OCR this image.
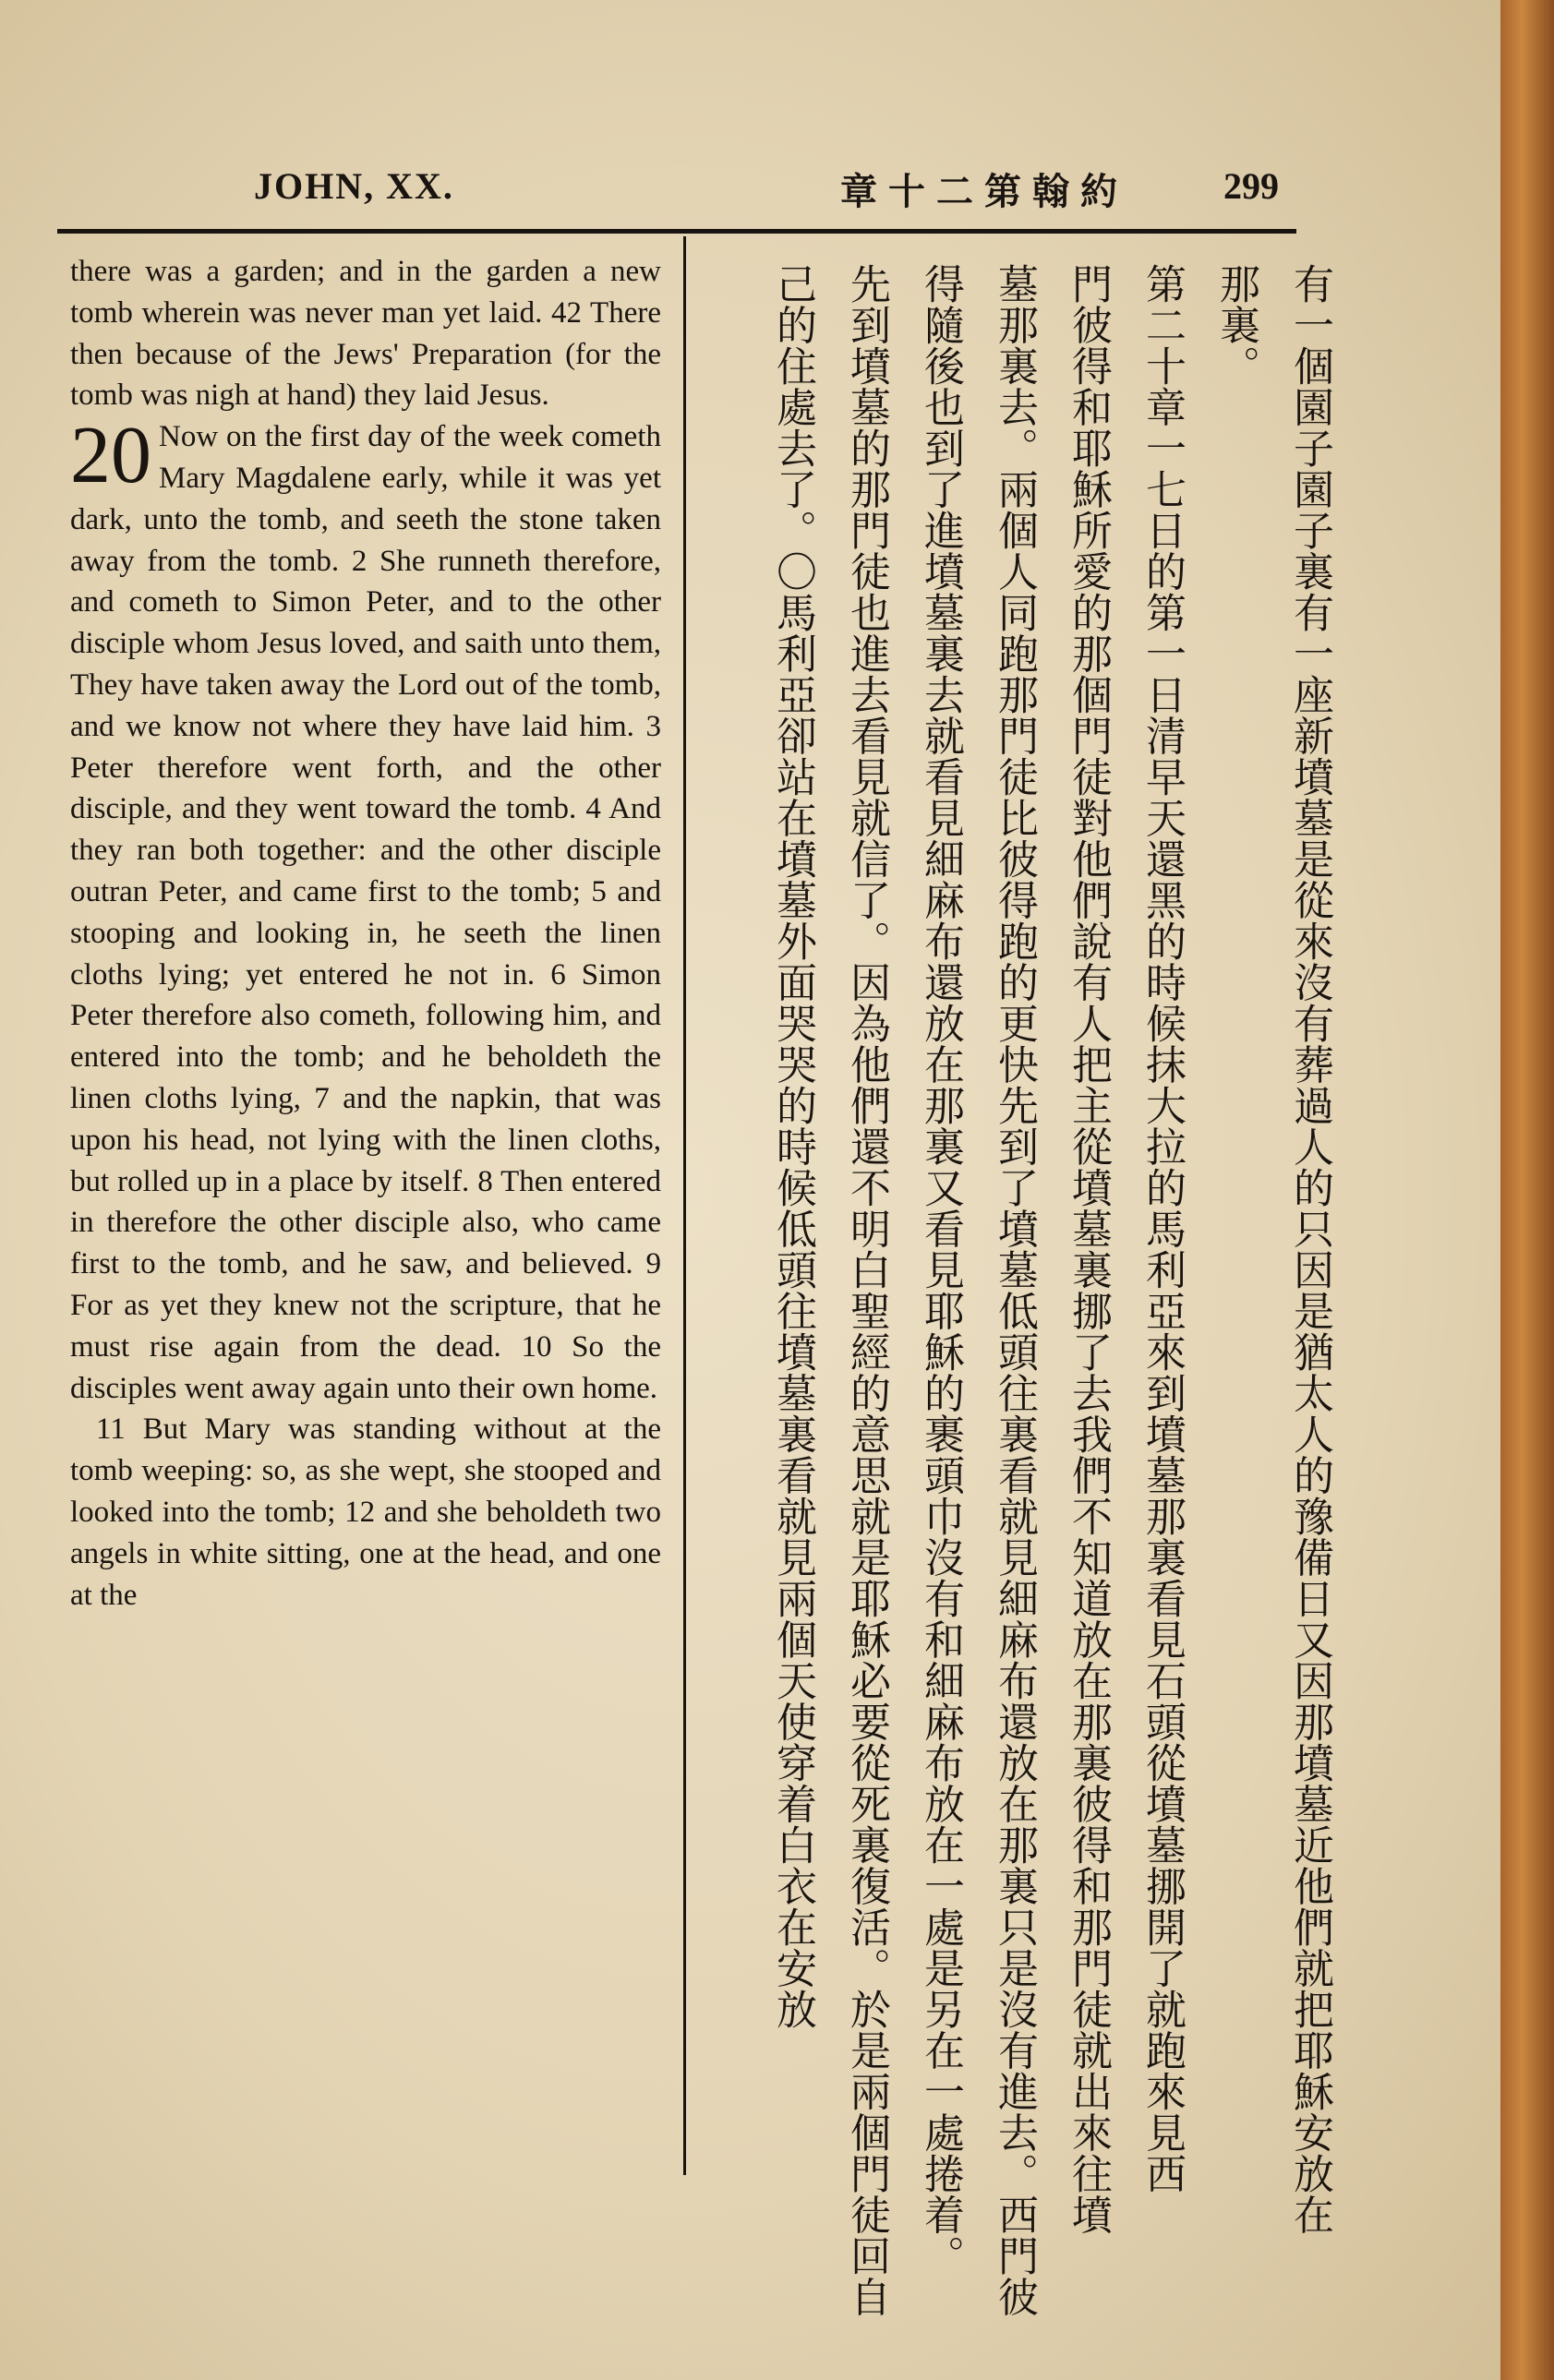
JOHN, XX.	章十二第翰約	299

there was a garden; and in the garden a new tomb wherein was never man yet laid. 42 There then because of the Jews' Preparation (for the tomb was nigh at hand) they laid Jesus.

20 Now on the first day of the week cometh Mary Magdalene early, while it was yet dark, unto the tomb, and seeth the stone taken away from the tomb. 2 She runneth therefore, and cometh to Simon Peter, and to the other disciple whom Jesus loved, and saith unto them, They have taken away the Lord out of the tomb, and we know not where they have laid him. 3 Peter therefore went forth, and the other disciple, and they went toward the tomb. 4 And they ran both together: and the other disciple outran Peter, and came first to the tomb; 5 and stooping and looking in, he seeth the linen cloths lying; yet entered he not in. 6 Simon Peter therefore also cometh, following him, and entered into the tomb; and he beholdeth the linen cloths lying, 7 and the napkin, that was upon his head, not lying with the linen cloths, but rolled up in a place by itself. 8 Then entered in therefore the other disciple also, who came first to the tomb, and he saw, and believed. 9 For as yet they knew not the scripture, that he must rise again from the dead. 10 So the disciples went away again unto their own home.

11 But Mary was standing without at the tomb weeping: so, as she wept, she stooped and looked into the tomb; 12 and she beholdeth two angels in white sitting, one at the head, and one at the	有一個園子園子裏有一座新墳墓是從來沒有葬過人的只因是猶太人的豫備日又因那墳墓近他們就把耶穌安放在
那裏。
第二十章一七日的第一日清早天還黑的時候抹大拉的馬利亞來到墳墓那裏看見石頭從墳墓挪開了就跑來見西
門彼得和耶穌所愛的那個門徒對他們說有人把主從墳墓裏挪了去我們不知道放在那裏彼得和那門徒就出來往墳
墓那裏去。兩個人同跑那門徒比彼得跑的更快先到了墳墓低頭往裏看就見細麻布還放在那裏只是沒有進去。西門彼
得隨後也到了進墳墓裏去就看見細麻布還放在那裏又看見耶穌的裹頭巾沒有和細麻布放在一處是另在一處捲着。
先到墳墓的那門徒也進去看見就信了。因為他們還不明白聖經的意思就是耶穌必要從死裏復活。於是兩個門徒回自
己的住處去了。〇馬利亞卻站在墳墓外面哭哭的時候低頭往墳墓裏看就見兩個天使穿着白衣在安放
